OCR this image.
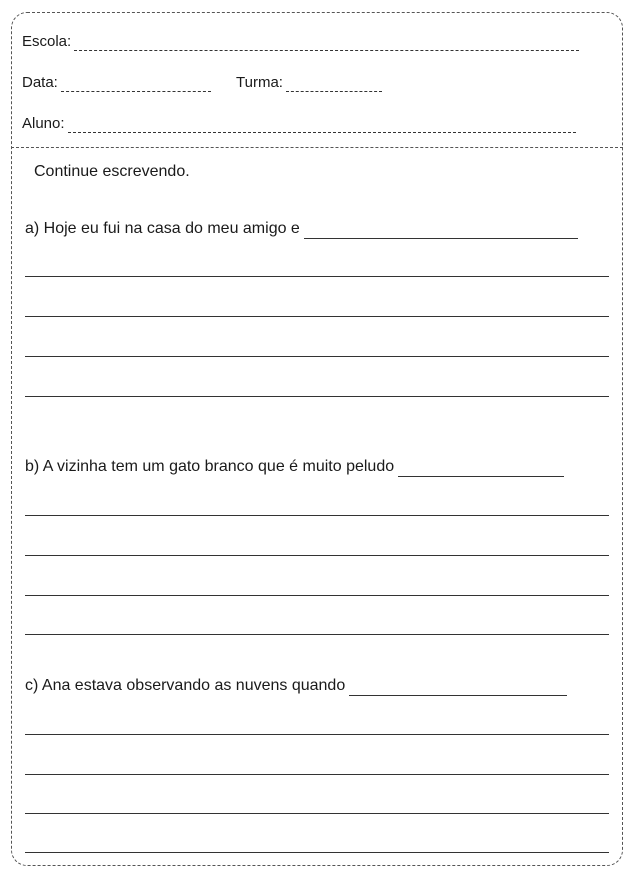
Escola:
Data:	Turma:
Aluno:
Continue escrevendo.
a) Hoje eu fui na casa do meu amigo e
b) A vizinha tem um gato branco que é muito peludo
c) Ana estava observando as nuvens quando
